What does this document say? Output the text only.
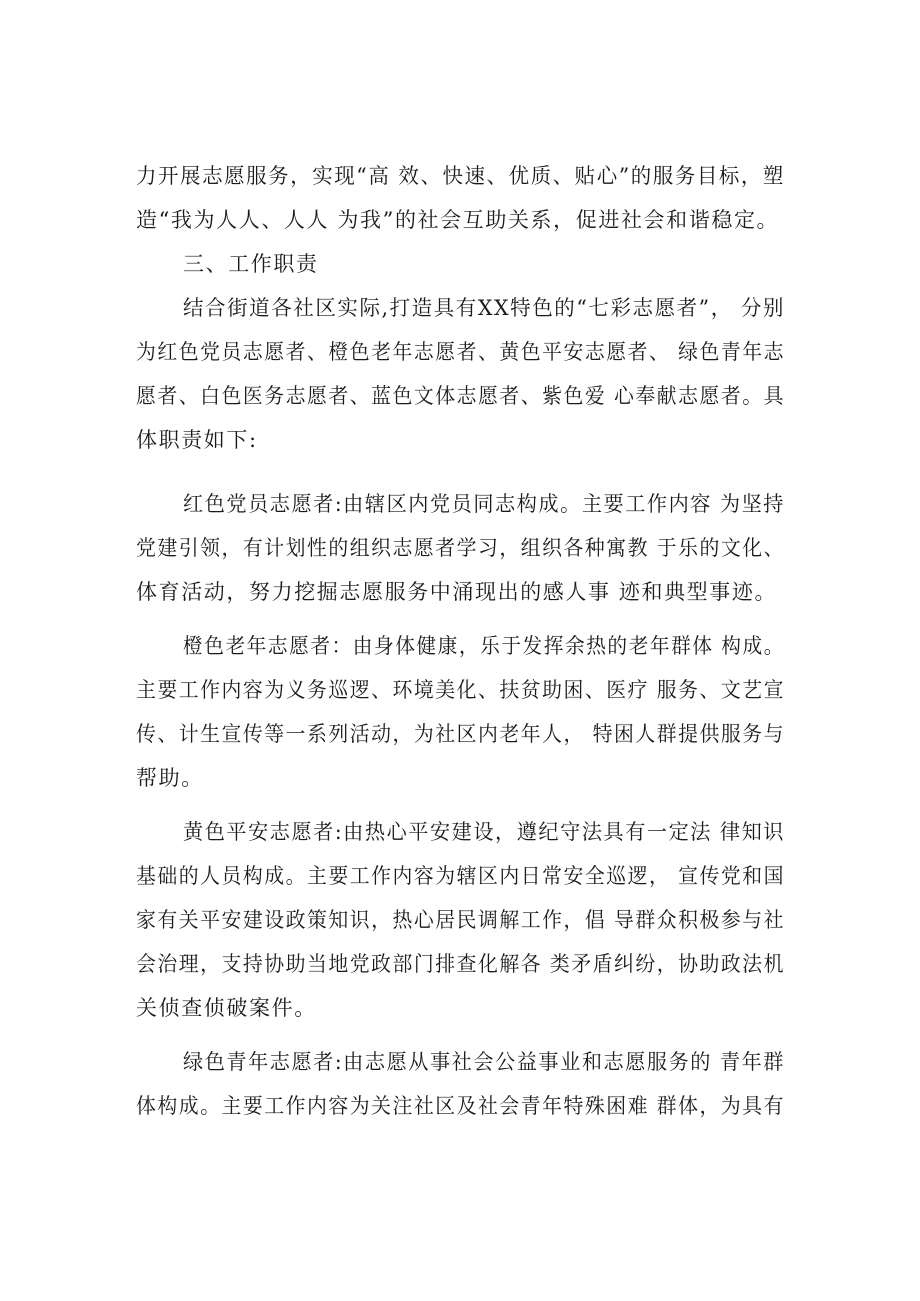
力开展志愿服务，实现“高 效、快速、优质、贴心”的服务目标，塑
造“我为人人、人人 为我”的社会互助关系，促进社会和谐稳定。
三、工作职责
结合街道各社区实际,打造具有XX特色的“七彩志愿者”， 分别
为红色党员志愿者、橙色老年志愿者、黄色平安志愿者、 绿色青年志
愿者、白色医务志愿者、蓝色文体志愿者、紫色爱 心奉献志愿者。具
体职责如下:
红色党员志愿者:由辖区内党员同志构成。主要工作内容 为坚持
党建引领，有计划性的组织志愿者学习，组织各种寓教 于乐的文化、
体育活动，努力挖掘志愿服务中涌现出的感人事 迹和典型事迹。
橙色老年志愿者：由身体健康，乐于发挥余热的老年群体 构成。
主要工作内容为义务巡逻、环境美化、扶贫助困、医疗 服务、文艺宣
传、计生宣传等一系列活动，为社区内老年人， 特困人群提供服务与
帮助。
黄色平安志愿者:由热心平安建设，遵纪守法具有一定法 律知识
基础的人员构成。主要工作内容为辖区内日常安全巡逻， 宣传党和国
家有关平安建设政策知识，热心居民调解工作，倡 导群众积极参与社
会治理，支持协助当地党政部门排查化解各 类矛盾纠纷，协助政法机
关侦查侦破案件。
绿色青年志愿者:由志愿从事社会公益事业和志愿服务的 青年群
体构成。主要工作内容为关注社区及社会青年特殊困难 群体，为具有
